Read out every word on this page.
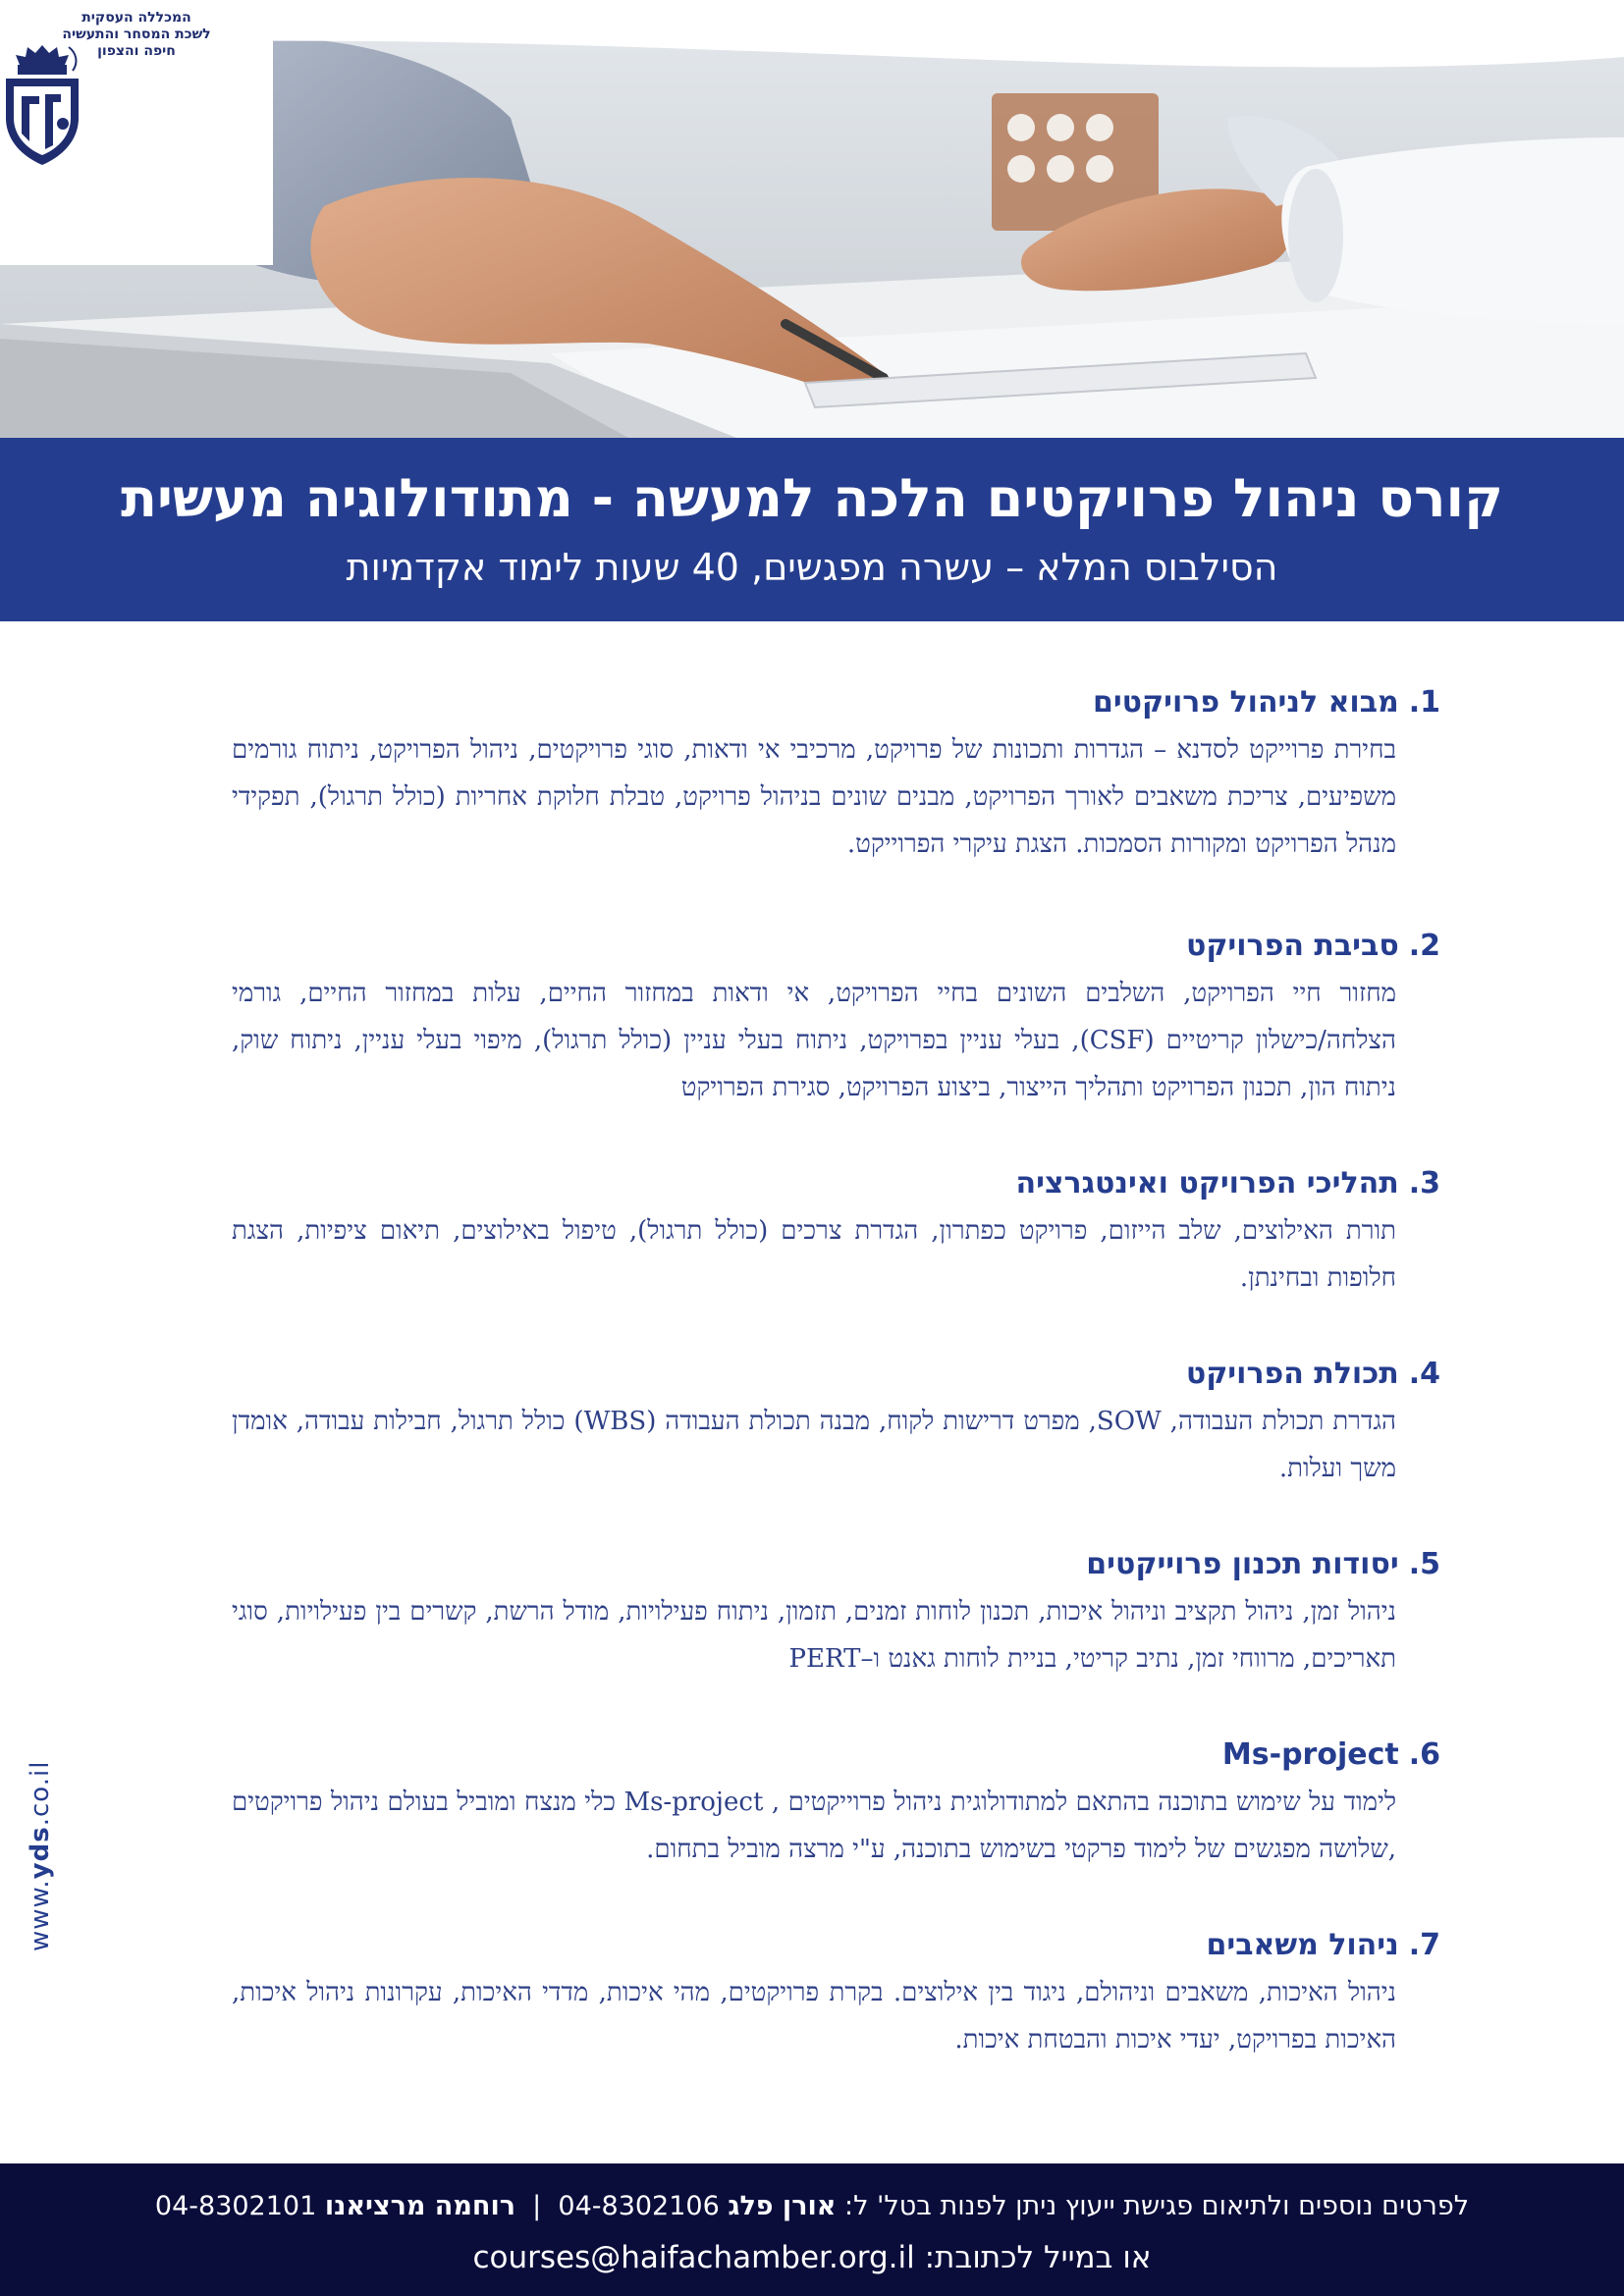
המכללה העסקית
לשכת המסחר והתעשיה
חיפה והצפון
קורס ניהול פרויקטים הלכה למעשה - מתודולוגיה מעשית
הסילבוס המלא – עשרה מפגשים, 40 שעות לימוד אקדמיות
1.
מבוא לניהול פרויקטים
בחירת פרוייקט לסדנא – הגדרות ותכונות של פרויקט, מרכיבי אי ודאות, סוגי פרויקטים, ניהול הפרויקט, ניתוח גורמים משפיעים, צריכת משאבים לאורך הפרויקט, מבנים שונים בניהול פרויקט, טבלת חלוקת אחריות (כולל תרגול), תפקידי מנהל הפרויקט ומקורות הסמכות. הצגת עיקרי הפרוייקט.
2.
סביבת הפרויקט
מחזור חיי הפרויקט, השלבים השונים בחיי הפרויקט, אי ודאות במחזור החיים, עלות במחזור החיים, גורמי הצלחה/כישלון קריטיים (CSF), בעלי עניין בפרויקט, ניתוח בעלי עניין (כולל תרגול), מיפוי בעלי עניין, ניתוח שוק, ניתוח הון, תכנון הפרויקט ותהליך הייצור, ביצוע הפרויקט, סגירת הפרויקט
3.
תהליכי הפרויקט ואינטגרציה
תורת האילוצים, שלב הייזום, פרויקט כפתרון, הגדרת צרכים (כולל תרגול), טיפול באילוצים, תיאום ציפיות, הצגת חלופות ובחינתן.
4.
תכולת הפרויקט
הגדרת תכולת העבודה, SOW, מפרט דרישות לקוח, מבנה תכולת העבודה (WBS) כולל תרגול, חבילות עבודה, אומדן משך ועלות.
5.
יסודות תכנון פרוייקטים
ניהול זמן, ניהול תקציב וניהול איכות, תכנון לוחות זמנים, תזמון, ניתוח פעילויות, מודל הרשת, קשרים בין פעילויות, סוגי תאריכים, מרווחי זמן, נתיב קריטי, בניית לוחות גאנט ו–PERT
6.
Ms-project
לימוד על שימוש בתוכנה בהתאם למתודולוגית ניהול פרוייקטים , Ms-project כלי מנצח ומוביל בעולם ניהול פרויקטים ,שלושה מפגשים של לימוד פרקטי בשימוש בתוכנה, ע"י מרצה מוביל בתחום.
7.
ניהול משאבים
ניהול האיכות, משאבים וניהולם, ניגוד בין אילוצים. בקרת פרויקטים, מהי איכות, מדדי האיכות, עקרונות ניהול איכות, האיכות בפרויקט, יעדי איכות והבטחת איכות.
www.yds.co.il
לפרטים נוספים ולתיאום פגישת ייעוץ ניתן לפנות בטל' ל: אורן פלג 04-8302106  |  רוחמה מרציאנו 04-8302101
או במייל לכתובת: courses@haifachamber.org.il
